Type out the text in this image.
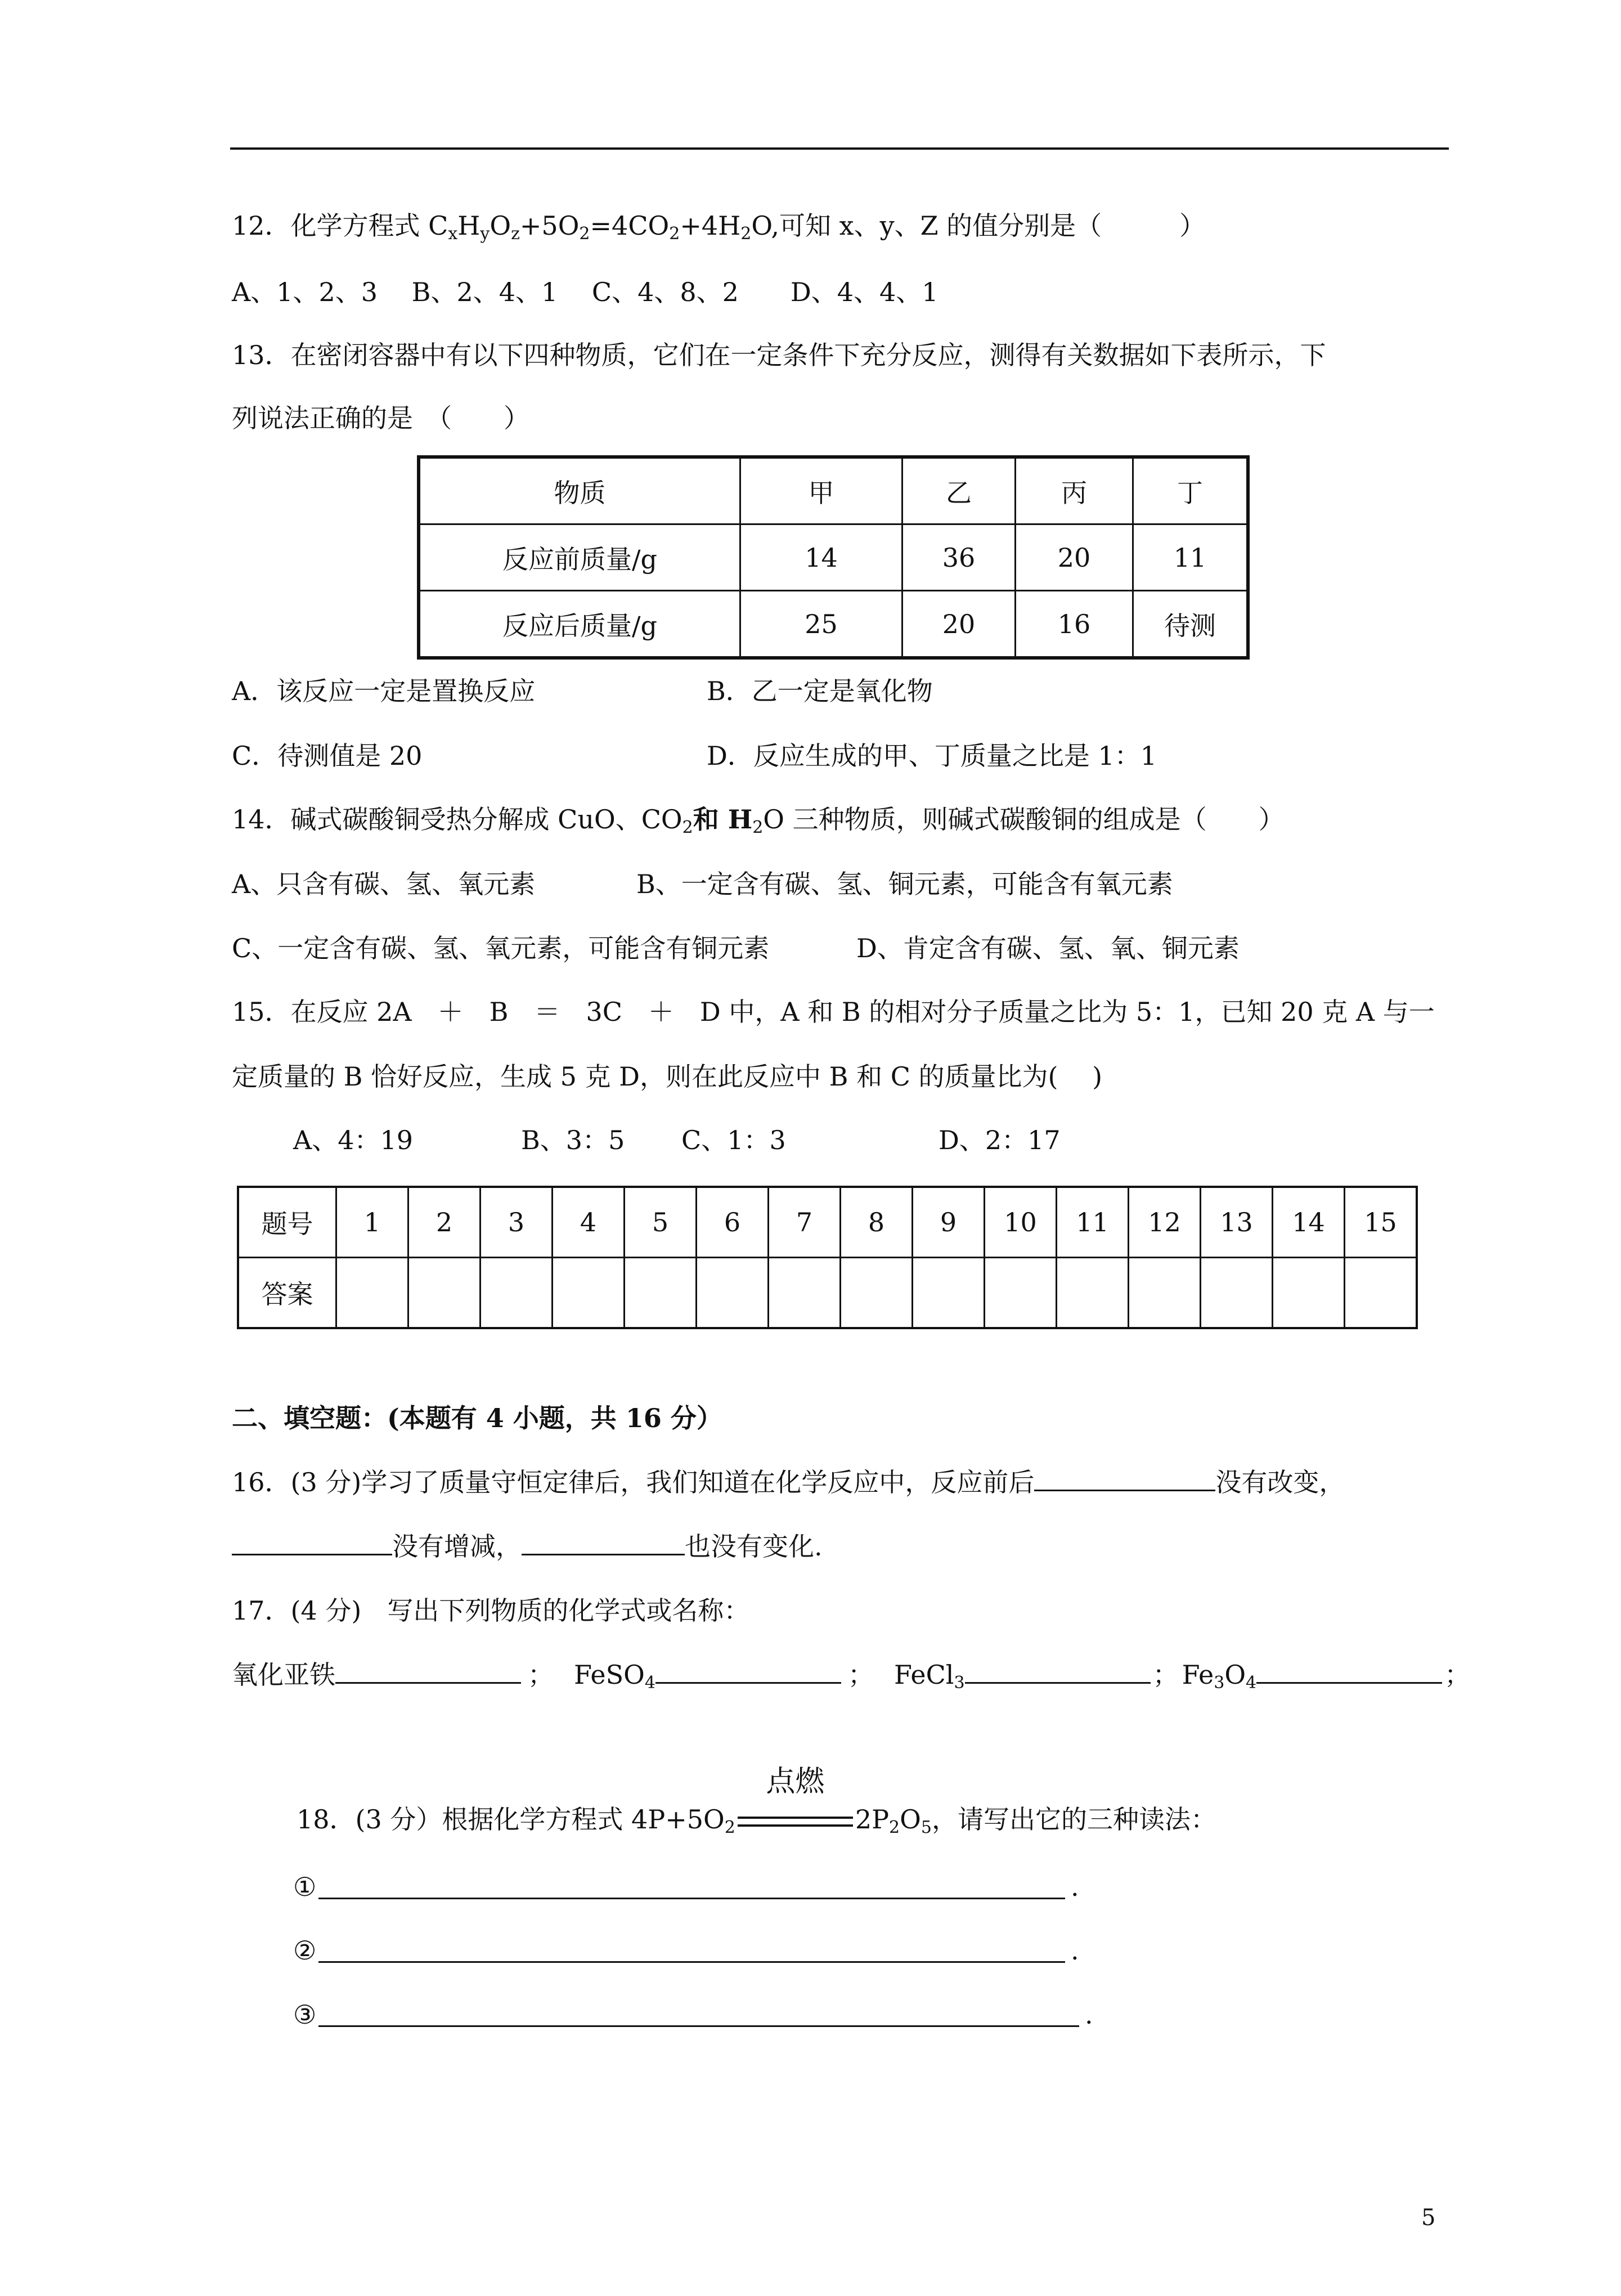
12．化学方程式 $C_xH_yO_z+5O_2=4CO_2+4H_2O$,可知 x、y、Z 的值分别是（　　　）
A、1、2、3　 B、2、4、1　 C、4、8、2　　D、4、4、1
13．在密闭容器中有以下四种物质，它们在一定条件下充分反应，测得有关数据如下表所示，下
列说法正确的是　（　　）
物质	甲	乙	丙	丁
反应前质量/g	14	36	20	11
反应后质量/g	25	20	16	待测
A．该反应一定是置换反应	B．乙一定是氧化物
C．待测值是 20	D．反应生成的甲、丁质量之比是 1：1
14．碱式碳酸铜受热分解成 CuO、$CO_2$和 $H_2O$ 三种物质，则碱式碳酸铜的组成是（　　）
A、只含有碳、氢、氧元素	B、一定含有碳、氢、铜元素，可能含有氧元素
C、一定含有碳、氢、氧元素，可能含有铜元素	D、肯定含有碳、氢、氧、铜元素
15．在反应 2A　＋　B　＝　3C　＋　D 中，A 和 B 的相对分子质量之比为 5：1，已知 20 克 A 与一
定质量的 B 恰好反应，生成 5 克 D，则在此反应中 B 和 C 的质量比为(　 )
A、4：19	B、3：5 C、1：3	D、2：17
题号	1	2	3	4	5	6	7	8	9	10	11	12	13	14	15
答案															
二、填空题：(本题有 4 小题，共 16 分）
16．(3 分)学习了质量守恒定律后，我们知道在化学反应中，反应前后	没有改变，
没有增减，	也没有变化.
17．(4 分)　写出下列物质的化学式或名称：
氧化亚铁	； FeSO$_4$	； FeCl$_3$	； $Fe_3O_4$	；
18．(3 分）根据化学方程式 $4P+5O_2$
点燃
$2P_2O_5$，请写出它的三种读法：
①	.
②	.
③	.
5
